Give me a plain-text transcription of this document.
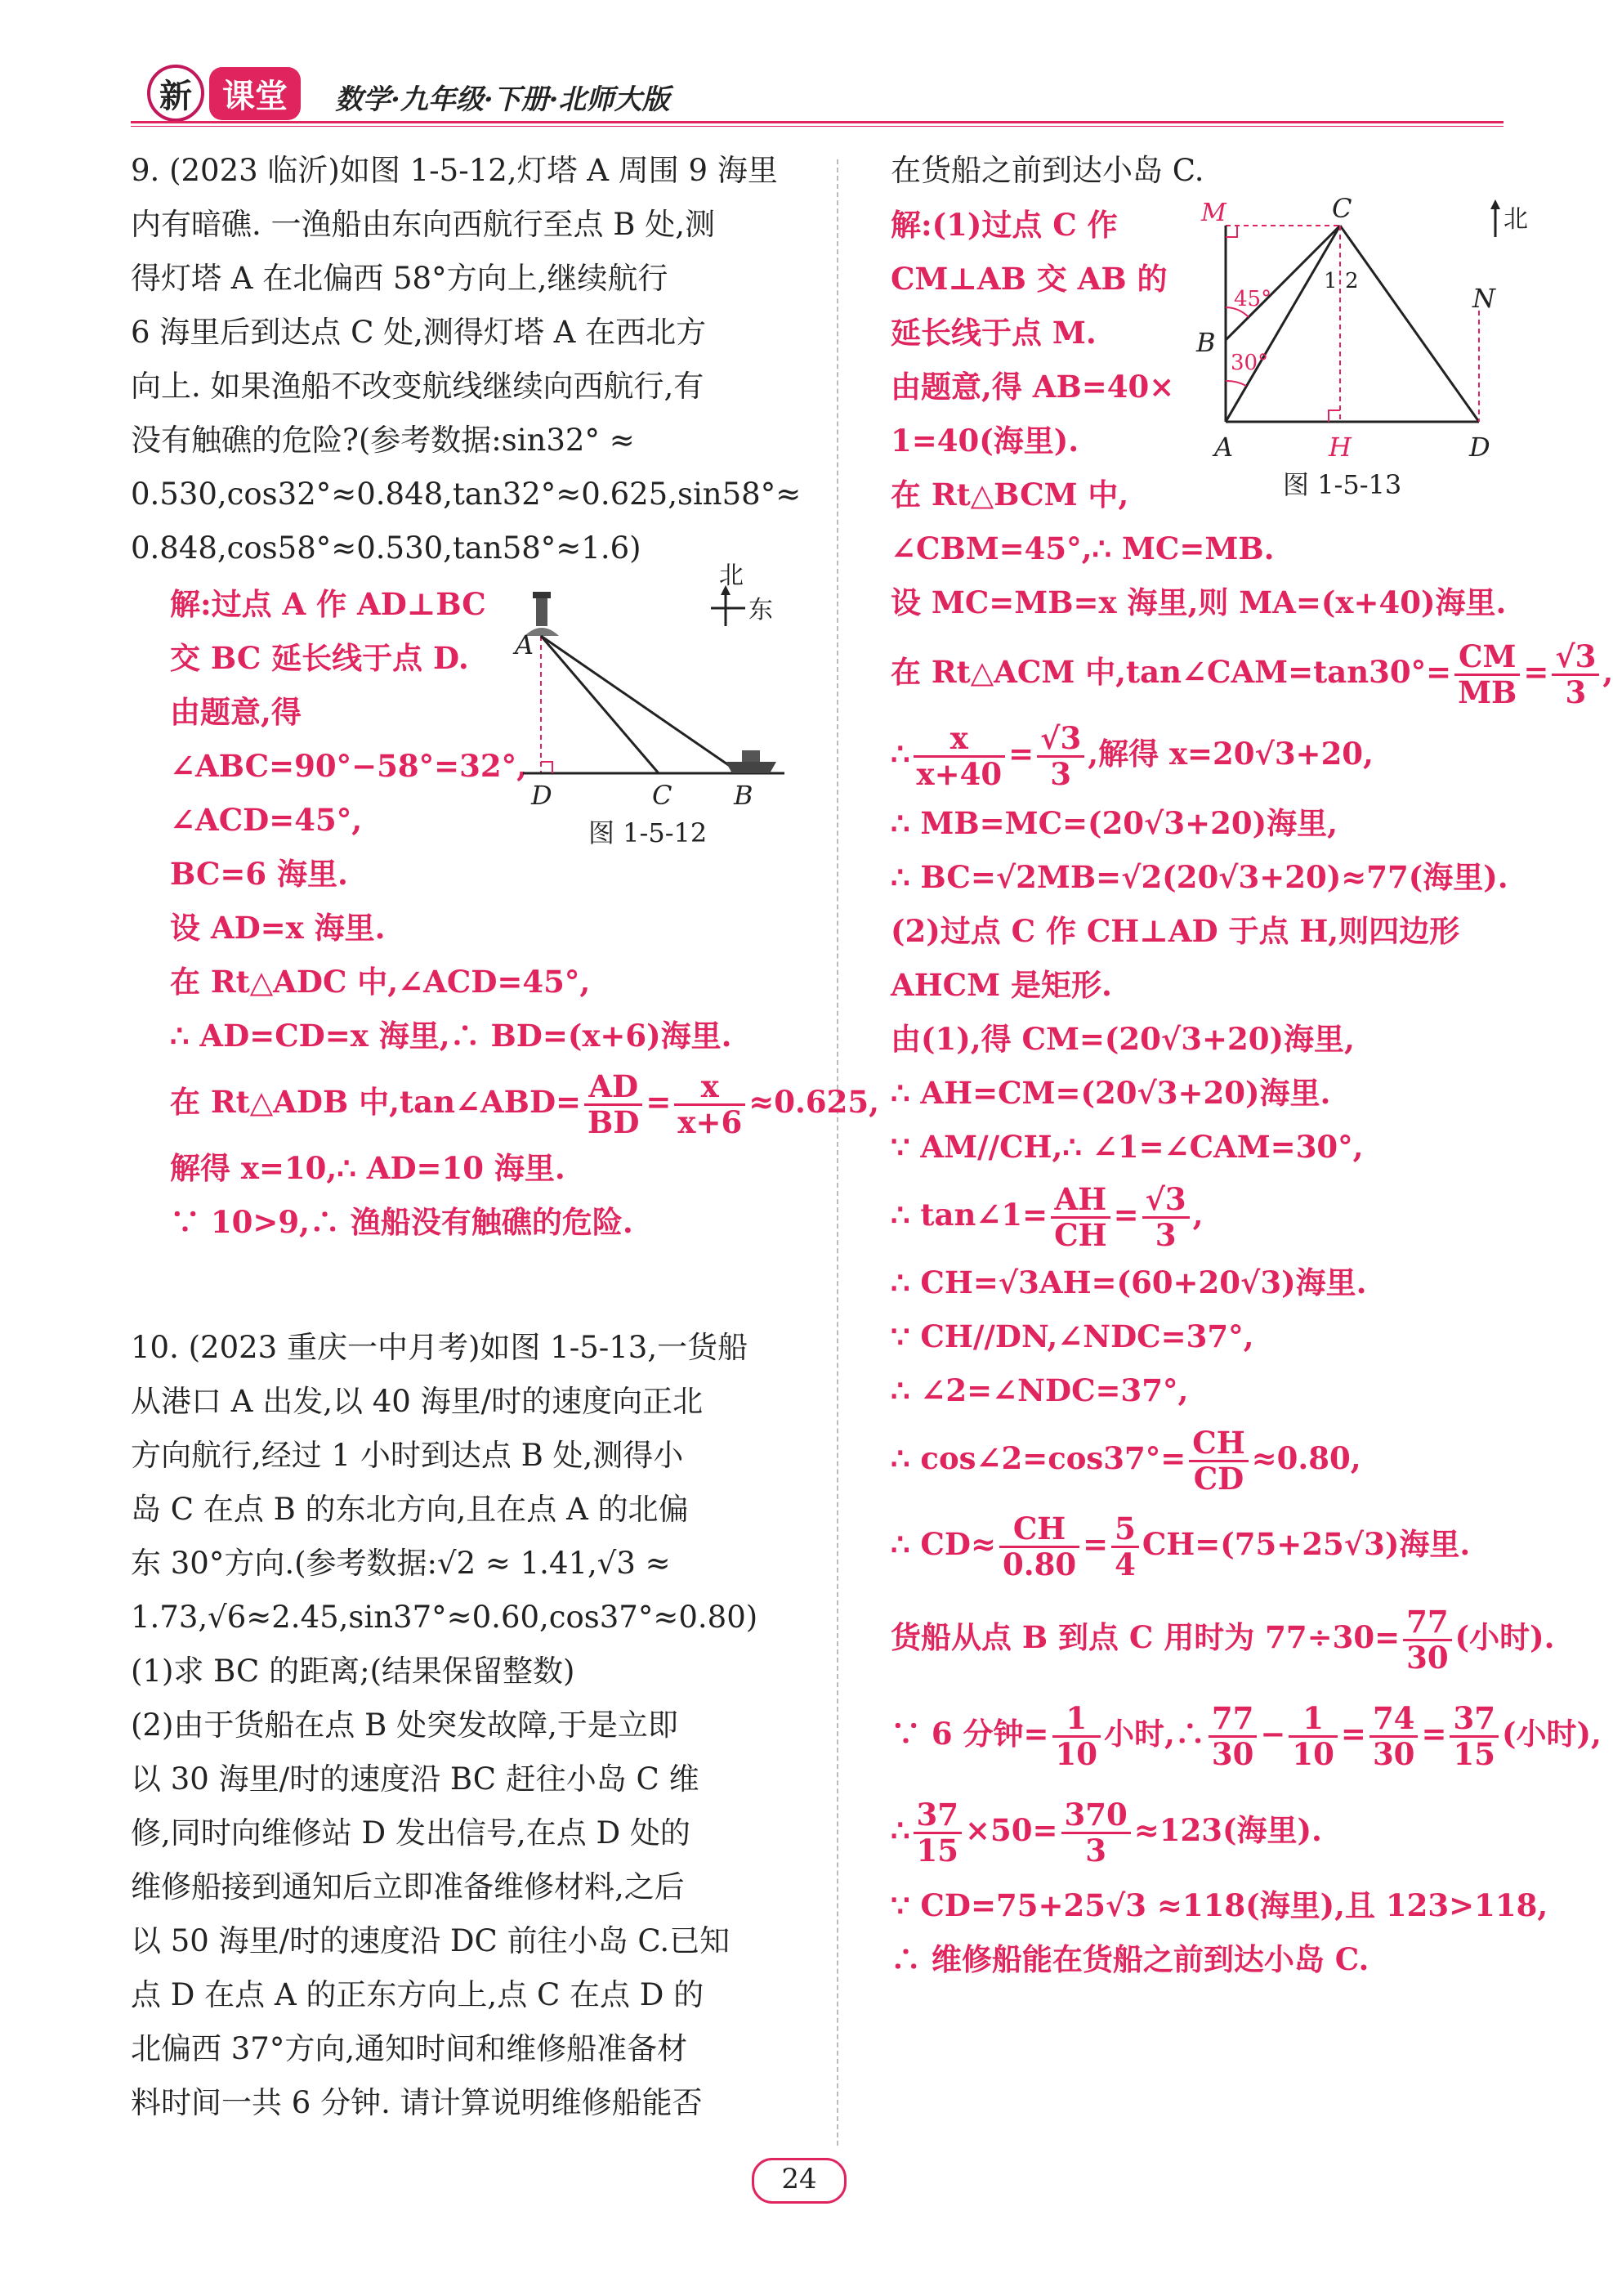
新 课堂	数学·九年级·下册·北师大版
9. (2023 临沂)如图 1-5-12,灯塔 A 周围 9 海里
内有暗礁. 一渔船由东向西航行至点 B 处,测
得灯塔 A 在北偏西 58°方向上,继续航行
6 海里后到达点 C 处,测得灯塔 A 在西北方
向上. 如果渔船不改变航线继续向西航行,有
没有触礁的危险?(参考数据:sin32° ≈
0.530,cos32°≈0.848,tan32°≈0.625,sin58°≈
0.848,cos58°≈0.530,tan58°≈1.6)
解:过点 A 作 AD⊥BC
交 BC 延长线于点 D.
由题意,得
∠ABC=90°−58°=32°,
∠ACD=45°,
BC=6 海里.
设 AD=x 海里.
在 Rt△ADC 中,∠ACD=45°,
∴ AD=CD=x 海里,∴ BD=(x+6)海里.
在 Rt△ADB 中,tan∠ABD= $\frac{AD}{BD} = \frac{x}{x+6} \approx 0.625$,
解得 x=10,∴ AD=10 海里.
∵ 10>9,∴ 渔船没有触礁的危险.
北
东
A
D	C B
图 1-5-12
10. (2023 重庆一中月考)如图 1-5-13,一货船
从港口 A 出发,以 40 海里/时的速度向正北
方向航行,经过 1 小时到达点 B 处,测得小
岛 C 在点 B 的东北方向,且在点 A 的北偏
东 30°方向.(参考数据:√2 ≈ 1.41,√3 ≈
1.73,√6≈2.45,sin37°≈0.60,cos37°≈0.80)
(1)求 BC 的距离;(结果保留整数)
(2)由于货船在点 B 处突发故障,于是立即
以 30 海里/时的速度沿 BC 赶往小岛 C 维
修,同时向维修站 D 发出信号,在点 D 处的
维修船接到通知后立即准备维修材料,之后
以 50 海里/时的速度沿 DC 前往小岛 C.已知
点 D 在点 A 的正东方向上,点 C 在点 D 的
北偏西 37°方向,通知时间和维修船准备材
料时间一共 6 分钟. 请计算说明维修船能否
在货船之前到达小岛 C.
解:(1)过点 C 作
CM⊥AB 交 AB 的
延长线于点 M.
由题意,得 AB=40×
1=40(海里).
在 Rt△BCM 中,
∠CBM=45°,∴ MC=MB.
设 MC=MB=x 海里,则 MA=(x+40)海里.
M	C
B
A	H	D
N
1 2
45°
30°
北
图 1-5-13
在 Rt△ACM 中,tan∠CAM=tan30°= $\frac{CM}{MB} = \frac{√3}{3}$ ,
∴ $\frac{x}{x+40} = \frac{√3}{3}$ ,解得 x=20√3+20,
∴ MB=MC=(20√3+20)海里,
∴ BC=√2MB=√2(20√3+20)≈77(海里).
(2)过点 C 作 CH⊥AD 于点 H,则四边形
AHCM 是矩形.
由(1),得 CM=(20√3+20)海里,
∴ AH=CM=(20√3+20)海里.
∵ AM//CH,∴ ∠1=∠CAM=30°,
∴ tan∠1= $\frac{AH}{CH} = \frac{√3}{3}$ ,
∴ CH=√3AH=(60+20√3)海里.
∵ CH//DN,∠NDC=37°,
∴ ∠2=∠NDC=37°,
∴ cos∠2=cos37°= $\frac{CH}{CD} \approx 0.80$,
∴ $CD\approx \frac{CH}{0.80} = \frac{5}{4} CH=(75+25√3)$海里.
货船从点 B 到点 C 用时为 $77\div 30= \frac{77}{30}$ (小时).
∵ 6 分钟= $\frac{1}{10}$ 小时,∴ $\frac{77}{30} - \frac{1}{10} = \frac{74}{30} = \frac{37}{15}$ (小时),
∴ $\frac{37}{15} \times 50= \frac{370}{3} \approx 123$(海里).
∵ CD=75+25√3 ≈118(海里),且 123>118,
∴ 维修船能在货船之前到达小岛 C.
24
